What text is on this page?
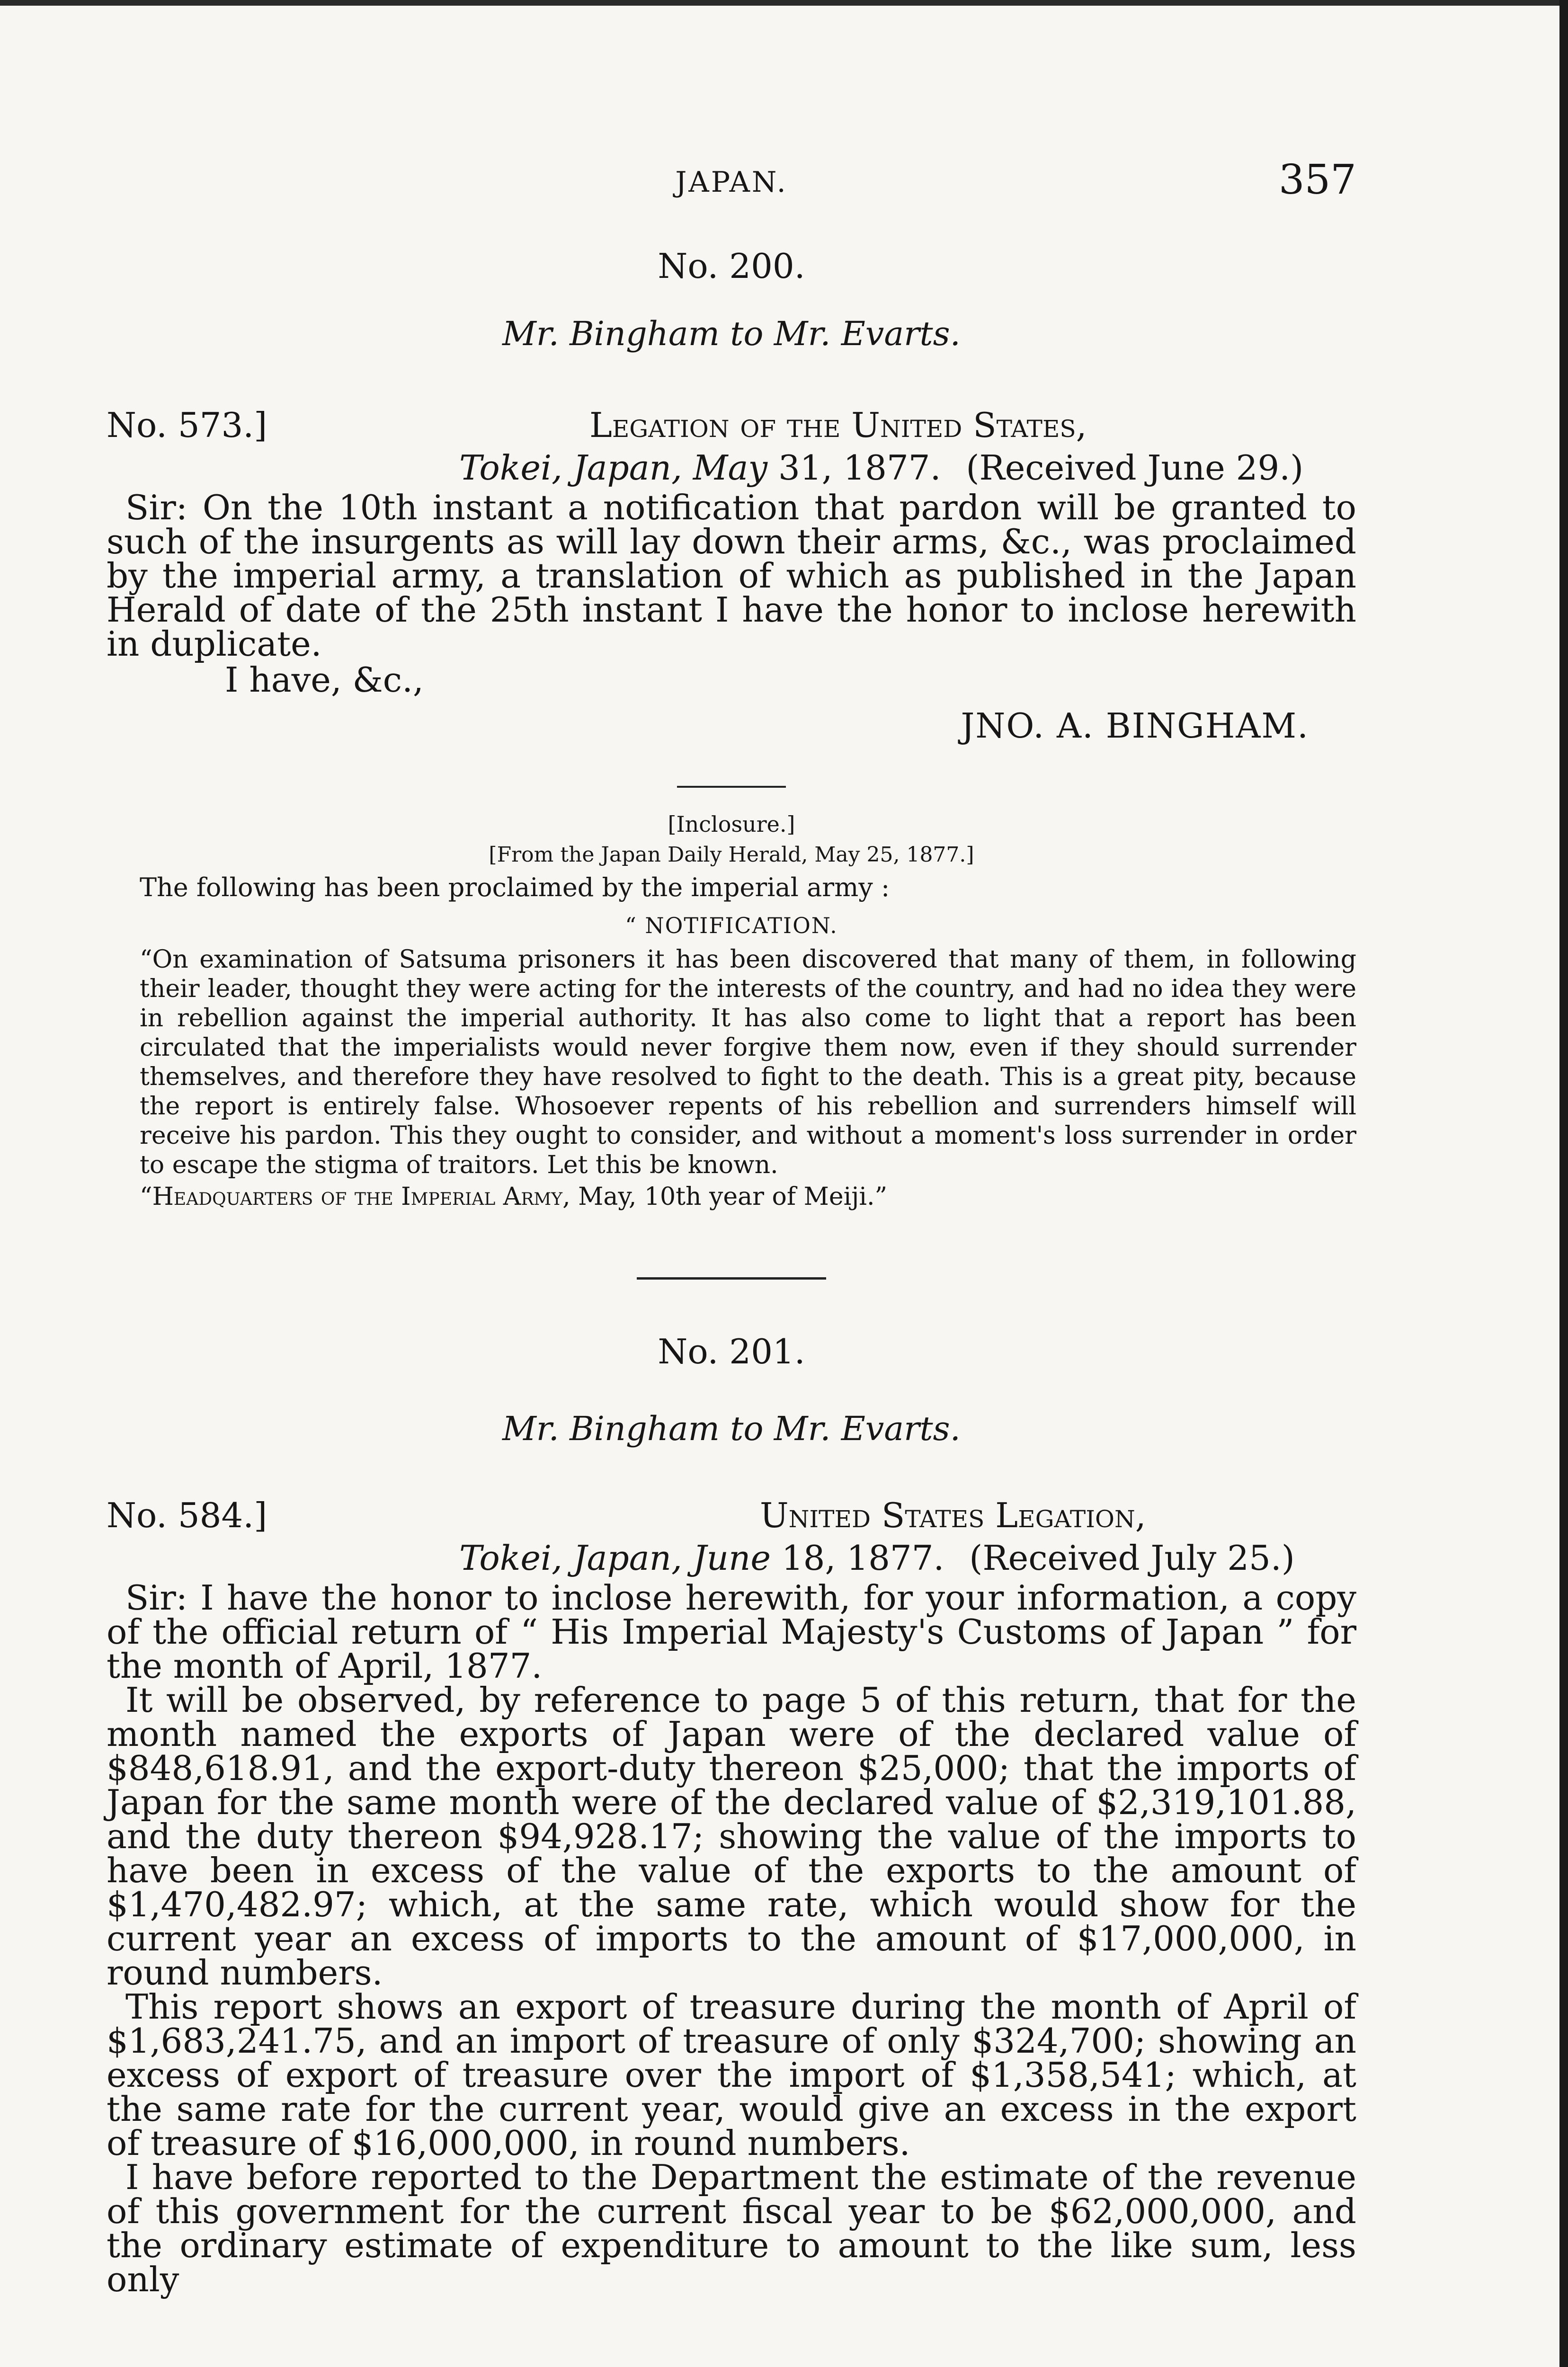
JAPAN.	357
No. 200.
Mr. Bingham to Mr. Evarts.
No. 573.]	Legation of the United States,
Tokei, Japan, May 31, 1877. (Received June 29.)

Sir: On the 10th instant a notification that pardon will be granted to such of the insurgents as will lay down their arms, &c., was proclaimed by the imperial army, a translation of which as published in the Japan Herald of date of the 25th instant I have the honor to inclose herewith in duplicate.

I have, &c.,
JNO. A. BINGHAM.
[Inclosure.]
[From the Japan Daily Herald, May 25, 1877.]
The following has been proclaimed by the imperial army :
“ NOTIFICATION.

“On examination of Satsuma prisoners it has been discovered that many of them, in following their leader, thought they were acting for the interests of the country, and had no idea they were in rebellion against the imperial authority. It has also come to light that a report has been circulated that the imperialists would never forgive them now, even if they should surrender themselves, and therefore they have resolved to fight to the death. This is a great pity, because the report is entirely false. Whosoever repents of his rebellion and surrenders himself will receive his pardon. This they ought to consider, and without a moment's loss surrender in order to escape the stigma of traitors. Let this be known.

“Headquarters of the Imperial Army, May, 10th year of Meiji.”
No. 201.
Mr. Bingham to Mr. Evarts.
No. 584.]	United States Legation,
Tokei, Japan, June 18, 1877. (Received July 25.)

Sir: I have the honor to inclose herewith, for your information, a copy of the official return of “ His Imperial Majesty's Customs of Japan ” for the month of April, 1877.

It will be observed, by reference to page 5 of this return, that for the month named the exports of Japan were of the declared value of $848,618.91, and the export-duty thereon $25,000; that the imports of Japan for the same month were of the declared value of $2,319,101.88, and the duty thereon $94,928.17; showing the value of the imports to have been in excess of the value of the exports to the amount of $1,470,482.97; which, at the same rate, which would show for the current year an excess of imports to the amount of $17,000,000, in round numbers.

This report shows an export of treasure during the month of April of $1,683,241.75, and an import of treasure of only $324,700; showing an excess of export of treasure over the import of $1,358,541; which, at the same rate for the current year, would give an excess in the export of treasure of $16,000,000, in round numbers.

I have before reported to the Department the estimate of the revenue of this government for the current fiscal year to be $62,000,000, and the ordinary estimate of expenditure to amount to the like sum, less only
